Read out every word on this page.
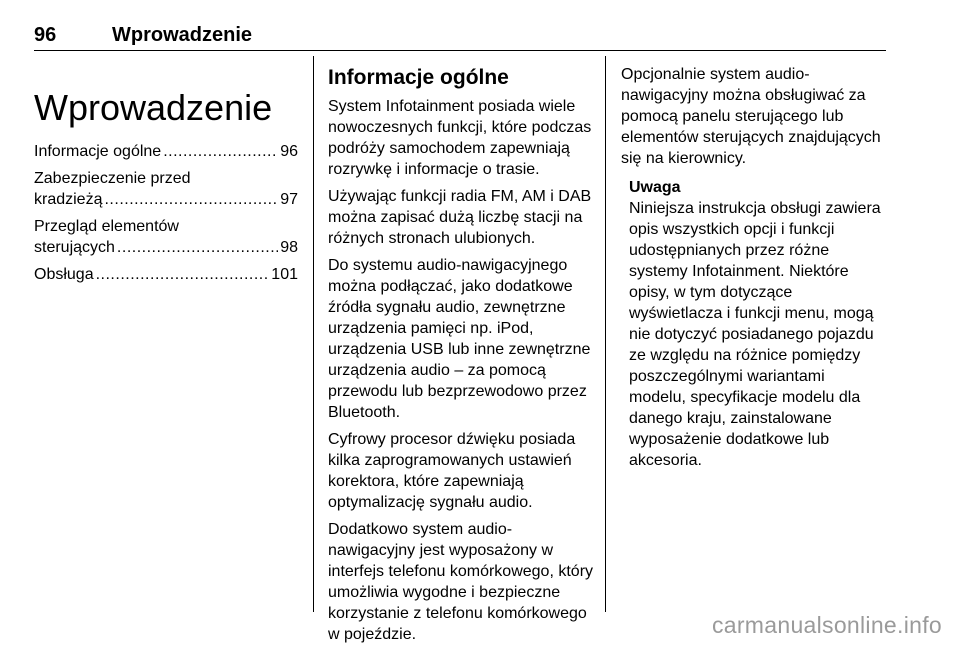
96	Wprowadzenie
Wprowadzenie
Informacje ogólne .....	96
Zabezpieczenie przed
kradzieżą .....	97
Przegląd elementów
sterujących .....	98
Obsługa .....	101
Informacje ogólne
System Infotainment posiada wiele
nowoczesnych funkcji, które podczas
podróży samochodem zapewniają
rozrywkę i informacje o trasie.
Używając funkcji radia FM, AM i DAB
można zapisać dużą liczbę stacji na
różnych stronach ulubionych.
Do systemu audio-nawigacyjnego
można podłączać, jako dodatkowe
źródła sygnału audio, zewnętrzne
urządzenia pamięci np. iPod,
urządzenia USB lub inne zewnętrzne
urządzenia audio – za pomocą
przewodu lub bezprzewodowo przez
Bluetooth.
Cyfrowy procesor dźwięku posiada
kilka zaprogramowanych ustawień
korektora, które zapewniają
optymalizację sygnału audio.
Dodatkowo system audio-
nawigacyjny jest wyposażony w
interfejs telefonu komórkowego, który
umożliwia wygodne i bezpieczne
korzystanie z telefonu komórkowego
w pojeździe.
Opcjonalnie system audio-
nawigacyjny można obsługiwać za
pomocą panelu sterującego lub
elementów sterujących znajdujących
się na kierownicy.
Uwaga
Niniejsza instrukcja obsługi zawiera
opis wszystkich opcji i funkcji
udostępnianych przez różne
systemy Infotainment. Niektóre
opisy, w tym dotyczące
wyświetlacza i funkcji menu, mogą
nie dotyczyć posiadanego pojazdu
ze względu na różnice pomiędzy
poszczególnymi wariantami
modelu, specyfikacje modelu dla
danego kraju, zainstalowane
wyposażenie dodatkowe lub
akcesoria.
carmanualsonline.info
